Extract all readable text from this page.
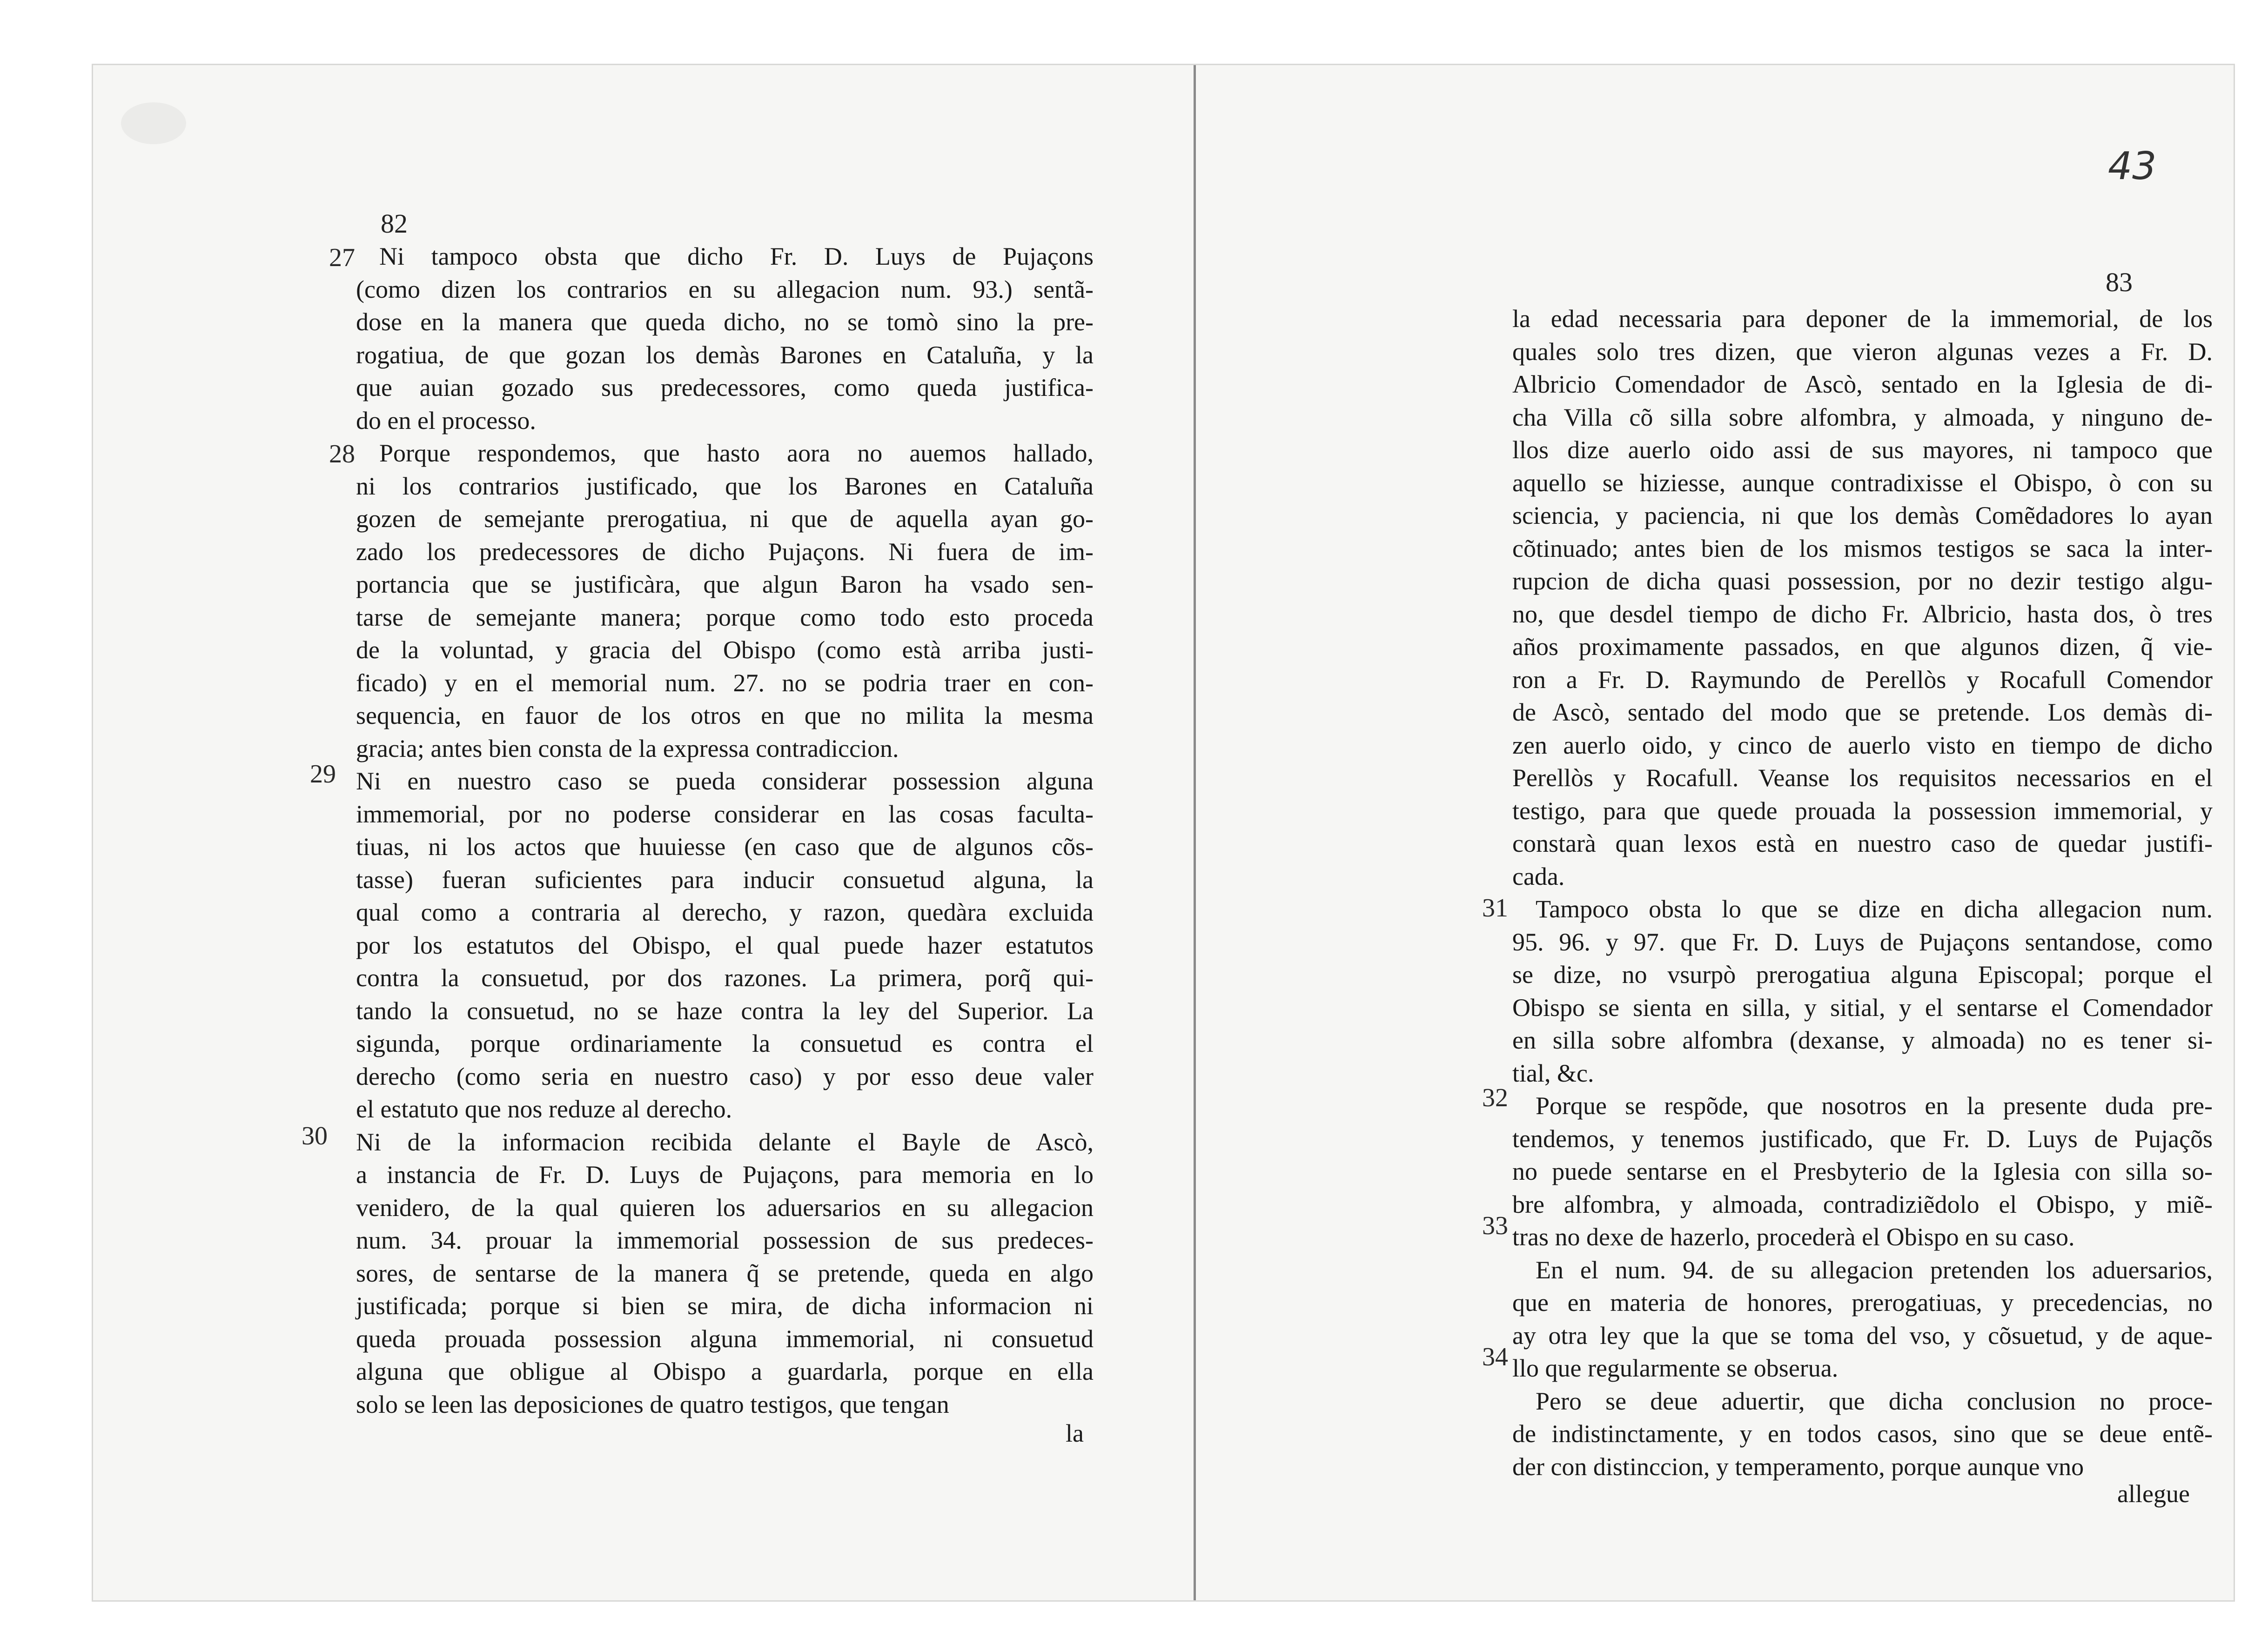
82
27
28
29
30
Ni tampoco obsta que dicho Fr. D. Luys de Pujaçons
(como dizen los contrarios en su allegacion num. 93.) sentã-
dose en la manera que queda dicho, no se tomò sino la pre-
rogatiua, de que gozan los demàs Barones en Cataluña, y la
que auian gozado sus predecessores, como queda justifica-
do en el processo.
Porque respondemos, que hasto aora no auemos hallado,
ni los contrarios justificado, que los Barones en Cataluña
gozen de semejante prerogatiua, ni que de aquella ayan go-
zado los predecessores de dicho Pujaçons. Ni fuera de im-
portancia que se justificàra, que algun Baron ha vsado sen-
tarse de semejante manera; porque como todo esto proceda
de la voluntad, y gracia del Obispo (como està arriba justi-
ficado) y en el memorial num. 27. no se podria traer en con-
sequencia, en fauor de los otros en que no milita la mesma
gracia; antes bien consta de la expressa contradiccion.
Ni en nuestro caso se pueda considerar possession alguna
immemorial, por no poderse considerar en las cosas faculta-
tiuas, ni los actos que huuiesse (en caso que de algunos cõs-
tasse) fueran suficientes para inducir consuetud alguna, la
qual como a contraria al derecho, y razon, quedàra excluida
por los estatutos del Obispo, el qual puede hazer estatutos
contra la consuetud, por dos razones. La primera, porq̃ qui-
tando la consuetud, no se haze contra la ley del Superior. La
sigunda, porque ordinariamente la consuetud es contra el
derecho (como seria en nuestro caso) y por esso deue valer
el estatuto que nos reduze al derecho.
Ni de la informacion recibida delante el Bayle de Ascò,
a instancia de Fr. D. Luys de Pujaçons, para memoria en lo
venidero, de la qual quieren los aduersarios en su allegacion
num. 34. prouar la immemorial possession de sus predeces-
sores, de sentarse de la manera q̃ se pretende, queda en algo
justificada; porque si bien se mira, de dicha informacion ni
queda prouada possession alguna immemorial, ni consuetud
alguna que obligue al Obispo a guardarla, porque en ella
solo se leen las deposiciones de quatro testigos, que tengan
la
83
43
31
32
33
34
la edad necessaria para deponer de la immemorial, de los
quales solo tres dizen, que vieron algunas vezes a Fr. D.
Albricio Comendador de Ascò, sentado en la Iglesia de di-
cha Villa cõ silla sobre alfombra, y almoada, y ninguno de-
llos dize auerlo oido assi de sus mayores, ni tampoco que
aquello se hiziesse, aunque contradixisse el Obispo, ò con su
sciencia, y paciencia, ni que los demàs Comẽdadores lo ayan
cõtinuado; antes bien de los mismos testigos se saca la inter-
rupcion de dicha quasi possession, por no dezir testigo algu-
no, que desdel tiempo de dicho Fr. Albricio, hasta dos, ò tres
años proximamente passados, en que algunos dizen, q̃ vie-
ron a Fr. D. Raymundo de Perellòs y Rocafull Comendor
de Ascò, sentado del modo que se pretende. Los demàs di-
zen auerlo oido, y cinco de auerlo visto en tiempo de dicho
Perellòs y Rocafull. Veanse los requisitos necessarios en el
testigo, para que quede prouada la possession immemorial, y
constarà quan lexos està en nuestro caso de quedar justifi-
cada.
Tampoco obsta lo que se dize en dicha allegacion num.
95. 96. y 97. que Fr. D. Luys de Pujaçons sentandose, como
se dize, no vsurpò prerogatiua alguna Episcopal; porque el
Obispo se sienta en silla, y sitial, y el sentarse el Comendador
en silla sobre alfombra (dexanse, y almoada) no es tener si-
tial, &c.
Porque se respõde, que nosotros en la presente duda pre-
tendemos, y tenemos justificado, que Fr. D. Luys de Pujaçõs
no puede sentarse en el Presbyterio de la Iglesia con silla so-
bre alfombra, y almoada, contradiziẽdolo el Obispo, y miẽ-
tras no dexe de hazerlo, procederà el Obispo en su caso.
En el num. 94. de su allegacion pretenden los aduersarios,
que en materia de honores, prerogatiuas, y precedencias, no
ay otra ley que la que se toma del vso, y cõsuetud, y de aque-
llo que regularmente se obserua.
Pero se deue aduertir, que dicha conclusion no proce-
de indistinctamente, y en todos casos, sino que se deue entẽ-
der con distinccion, y temperamento, porque aunque vno
allegue
